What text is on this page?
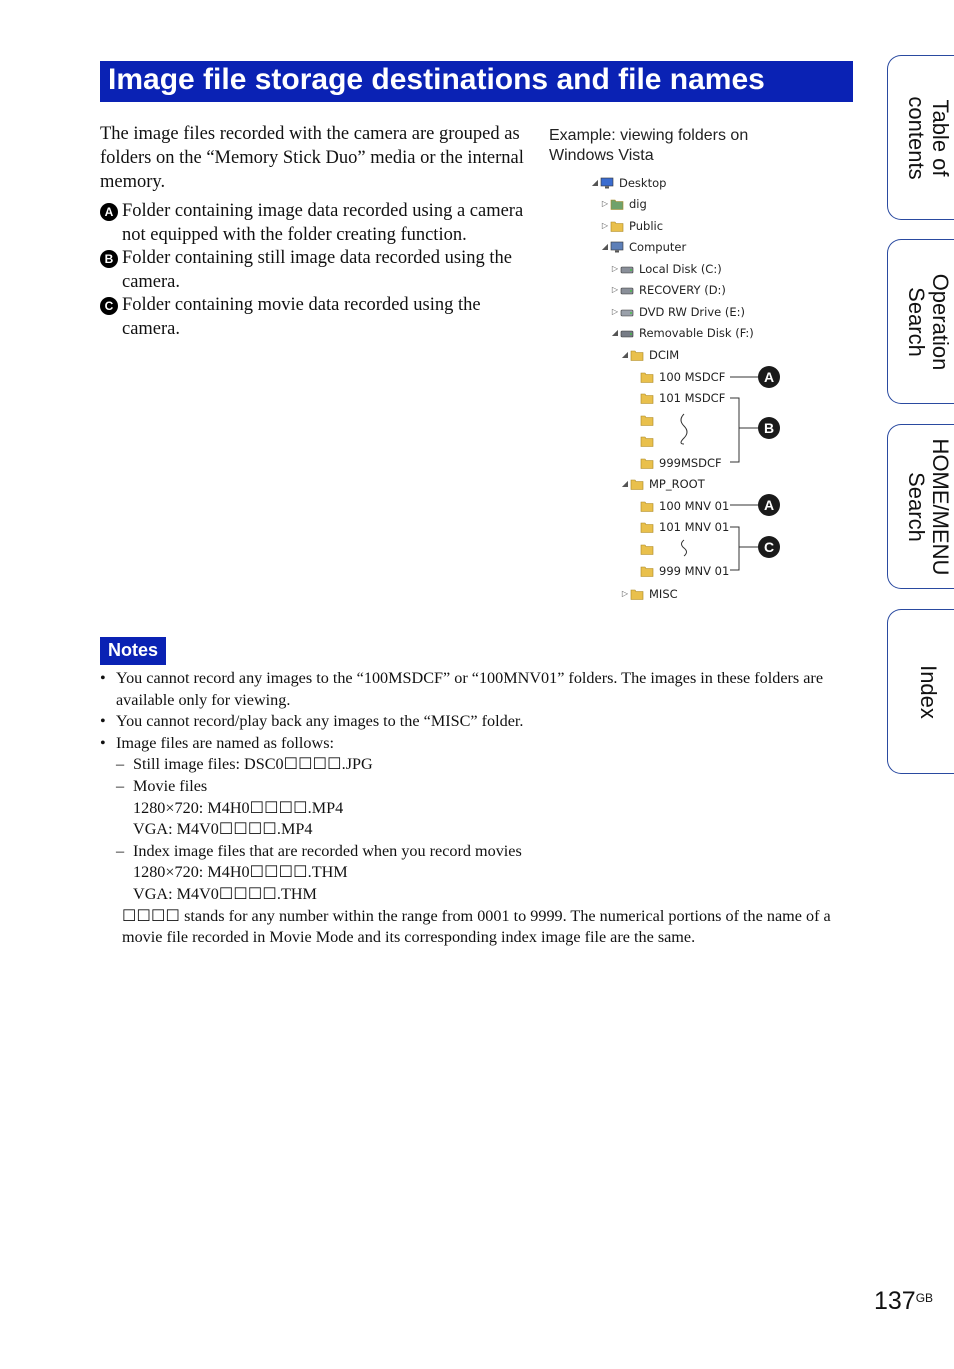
Image file storage destinations and file names

The image files recorded with the camera are grouped as folders on the “Memory Stick Duo” media or the internal memory.

A Folder containing image data recorded using a camera not equipped with the folder creating function.
B Folder containing still image data recorded using the camera.
C Folder containing movie data recorded using the camera.
Example: viewing folders on Windows Vista
A
B
A
C
◢ Desktop
▷ dig
▷ Public
◢ Computer
▷ Local Disk (C:)
▷ RECOVERY (D:)
▷ DVD RW Drive (E:)
◢ Removable Disk (F:)
◢ DCIM
100 MSDCF
101 MSDCF
999MSDCF
◢ MP_ROOT
100 MNV 01
101 MNV 01
999 MNV 01
▷ MISC
Notes
• You cannot record any images to the “100MSDCF” or “100MNV01” folders. The images in these folders are available only for viewing.
• You cannot record/play back any images to the “MISC” folder.
• Image files are named as follows:
– Still image files: DSC0☐☐☐☐.JPG
– Movie files
1280×720: M4H0☐☐☐☐.MP4
VGA: M4V0☐☐☐☐.MP4
– Index image files that are recorded when you record movies
1280×720: M4H0☐☐☐☐.THM
VGA: M4V0☐☐☐☐.THM
☐☐☐☐ stands for any number within the range from 0001 to 9999. The numerical portions of the name of a movie file recorded in Movie Mode and its corresponding index image file are the same.
Table of
contents
Operation
Search
HOME/MENU
Search
Index
$137^{GB}$
